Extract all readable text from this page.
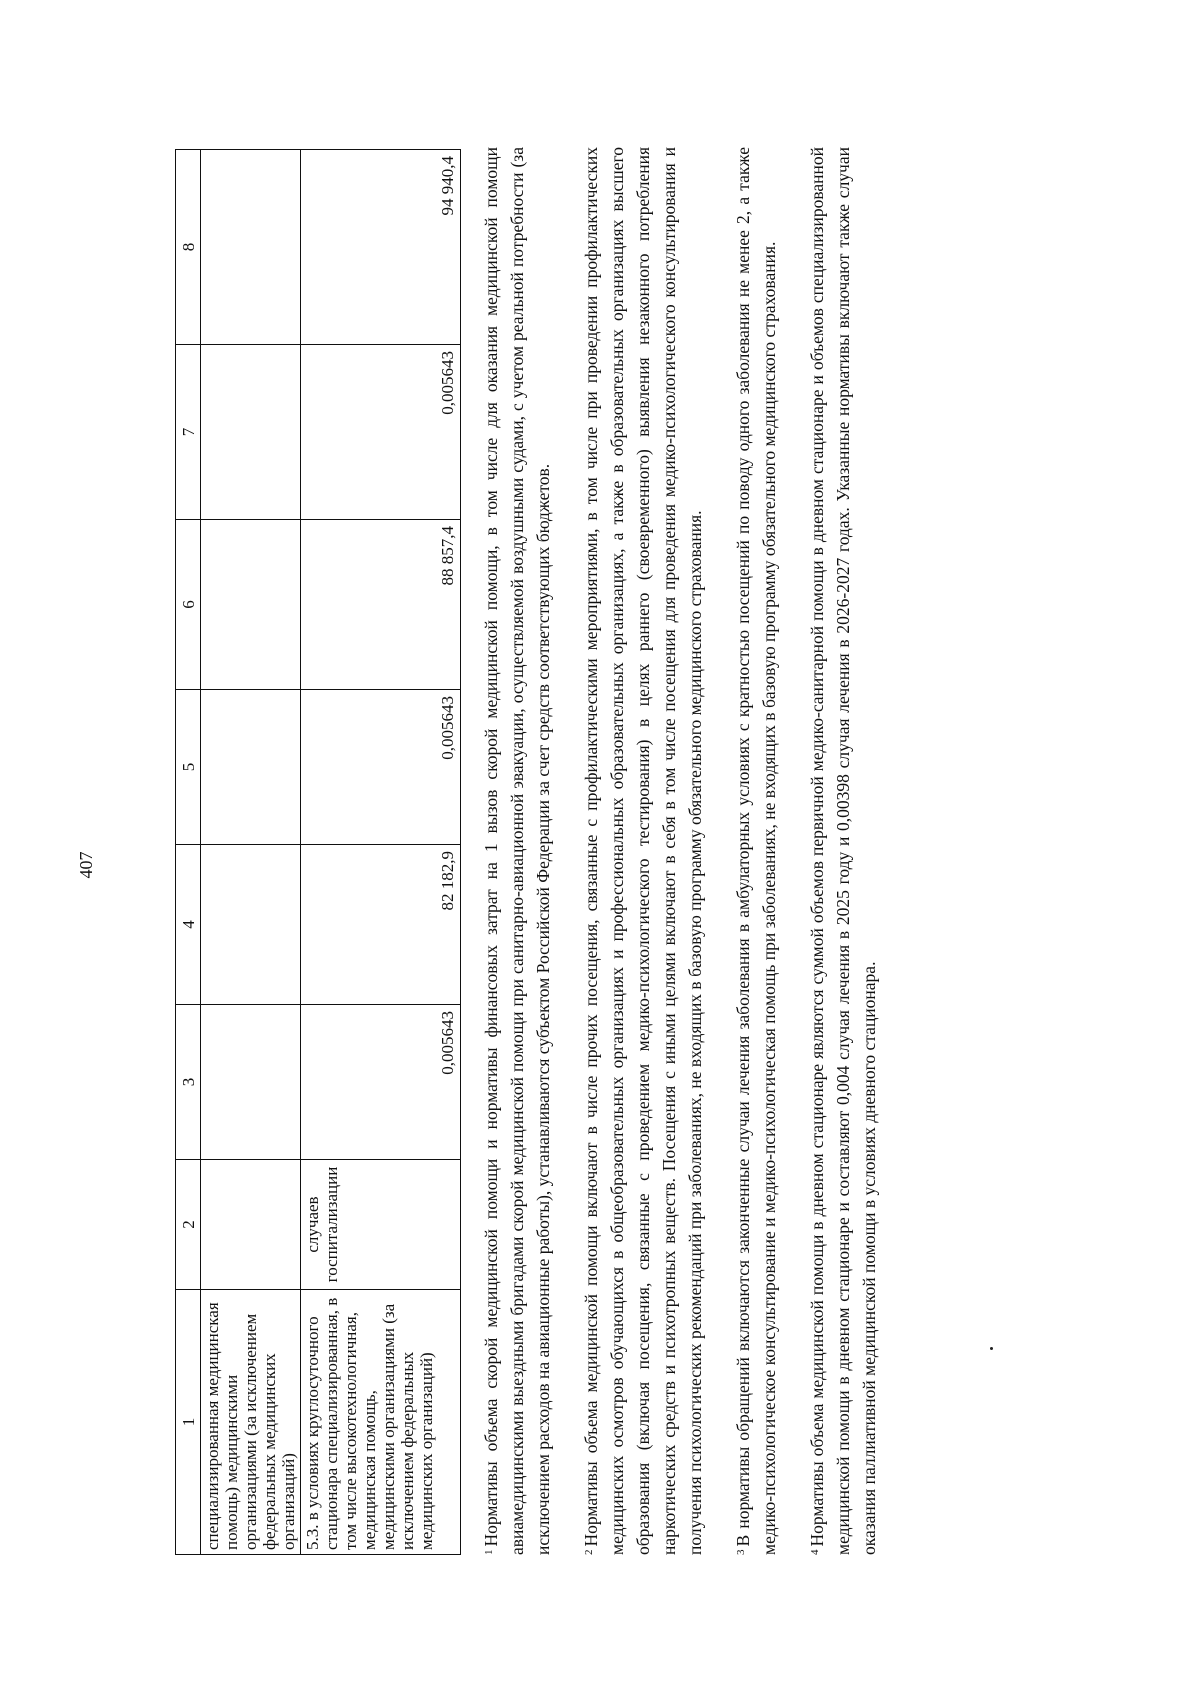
407
1	2	3	4	5	6	7	8
специализированная медицинская помощь) медицинскими организациями (за исключением федеральных медицинских организаций)							
5.3. в условиях круглосуточного стационара специализированная, в том числе высокотехнологичная, медицинская помощь, медицинскими организациями (за исключением федеральных медицинских организаций)	случаев госпитализации	0,005643	82 182,9	0,005643	88 857,4	0,005643	94 940,4

$^1$Нормативы объема скорой медицинской помощи и нормативы финансовых затрат на 1 вызов скорой медицинской помощи, в том числе для оказания медицинской помощи авиамедицинскими выездными бригадами скорой медицинской помощи при санитарно-авиационной эвакуации, осуществляемой воздушными судами, с учетом реальной потребности (за исключением расходов на авиационные работы), устанавливаются субъектом Российской Федерации за счет средств соответствующих бюджетов.	$^2$Нормативы объема медицинской помощи включают в числе прочих посещения, связанные с профилактическими мероприятиями, в том числе при проведении профилактических медицинских осмотров обучающихся в общеобразовательных организациях и профессиональных образовательных организациях, а также в образовательных организациях высшего образования (включая посещения, связанные с проведением медико-психологического тестирования) в целях раннего (своевременного) выявления незаконного потребления наркотических средств и психотропных веществ. Посещения с иными целями включают в себя в том числе посещения для проведения медико-психологического консультирования и получения психологических рекомендаций при заболеваниях, не входящих в базовую программу обязательного медицинского страхования.	$^3$В нормативы обращений включаются законченные случаи лечения заболевания в амбулаторных условиях с кратностью посещений по поводу одного заболевания не менее 2, а также медико-психологическое консультирование и медико-психологическая помощь при заболеваниях, не входящих в базовую программу обязательного медицинского страхования.	$^4$Нормативы объема медицинской помощи в дневном стационаре являются суммой объемов первичной медико-санитарной помощи в дневном стационаре и объемов специализированной медицинской помощи в дневном стационаре и составляют 0,004 случая лечения в 2025 году и 0,00398 случая лечения в 2026-2027 годах. Указанные нормативы включают также случаи оказания паллиативной медицинской помощи в условиях дневного стационара.
